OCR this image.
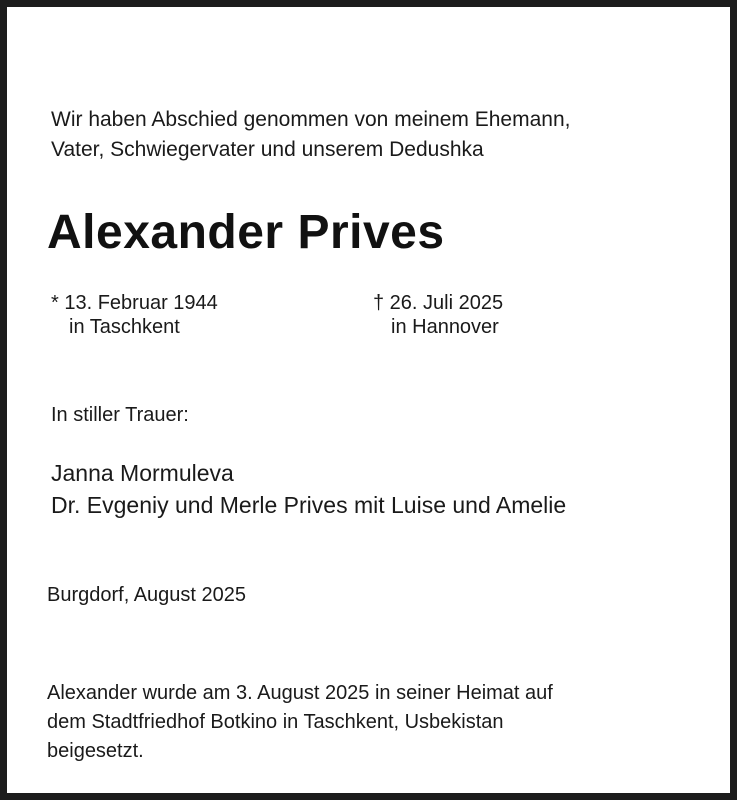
Wir haben Abschied genommen von meinem Ehemann,
Vater, Schwiegervater und unserem Dedushka
Alexander Prives
* 13. Februar 1944
in Taschkent
† 26. Juli 2025
in Hannover
In stiller Trauer:
Janna Mormuleva
Dr. Evgeniy und Merle Prives mit Luise und Amelie
Burgdorf, August 2025
Alexander wurde am 3. August 2025 in seiner Heimat auf
dem Stadtfriedhof Botkino in Taschkent, Usbekistan
beigesetzt.
